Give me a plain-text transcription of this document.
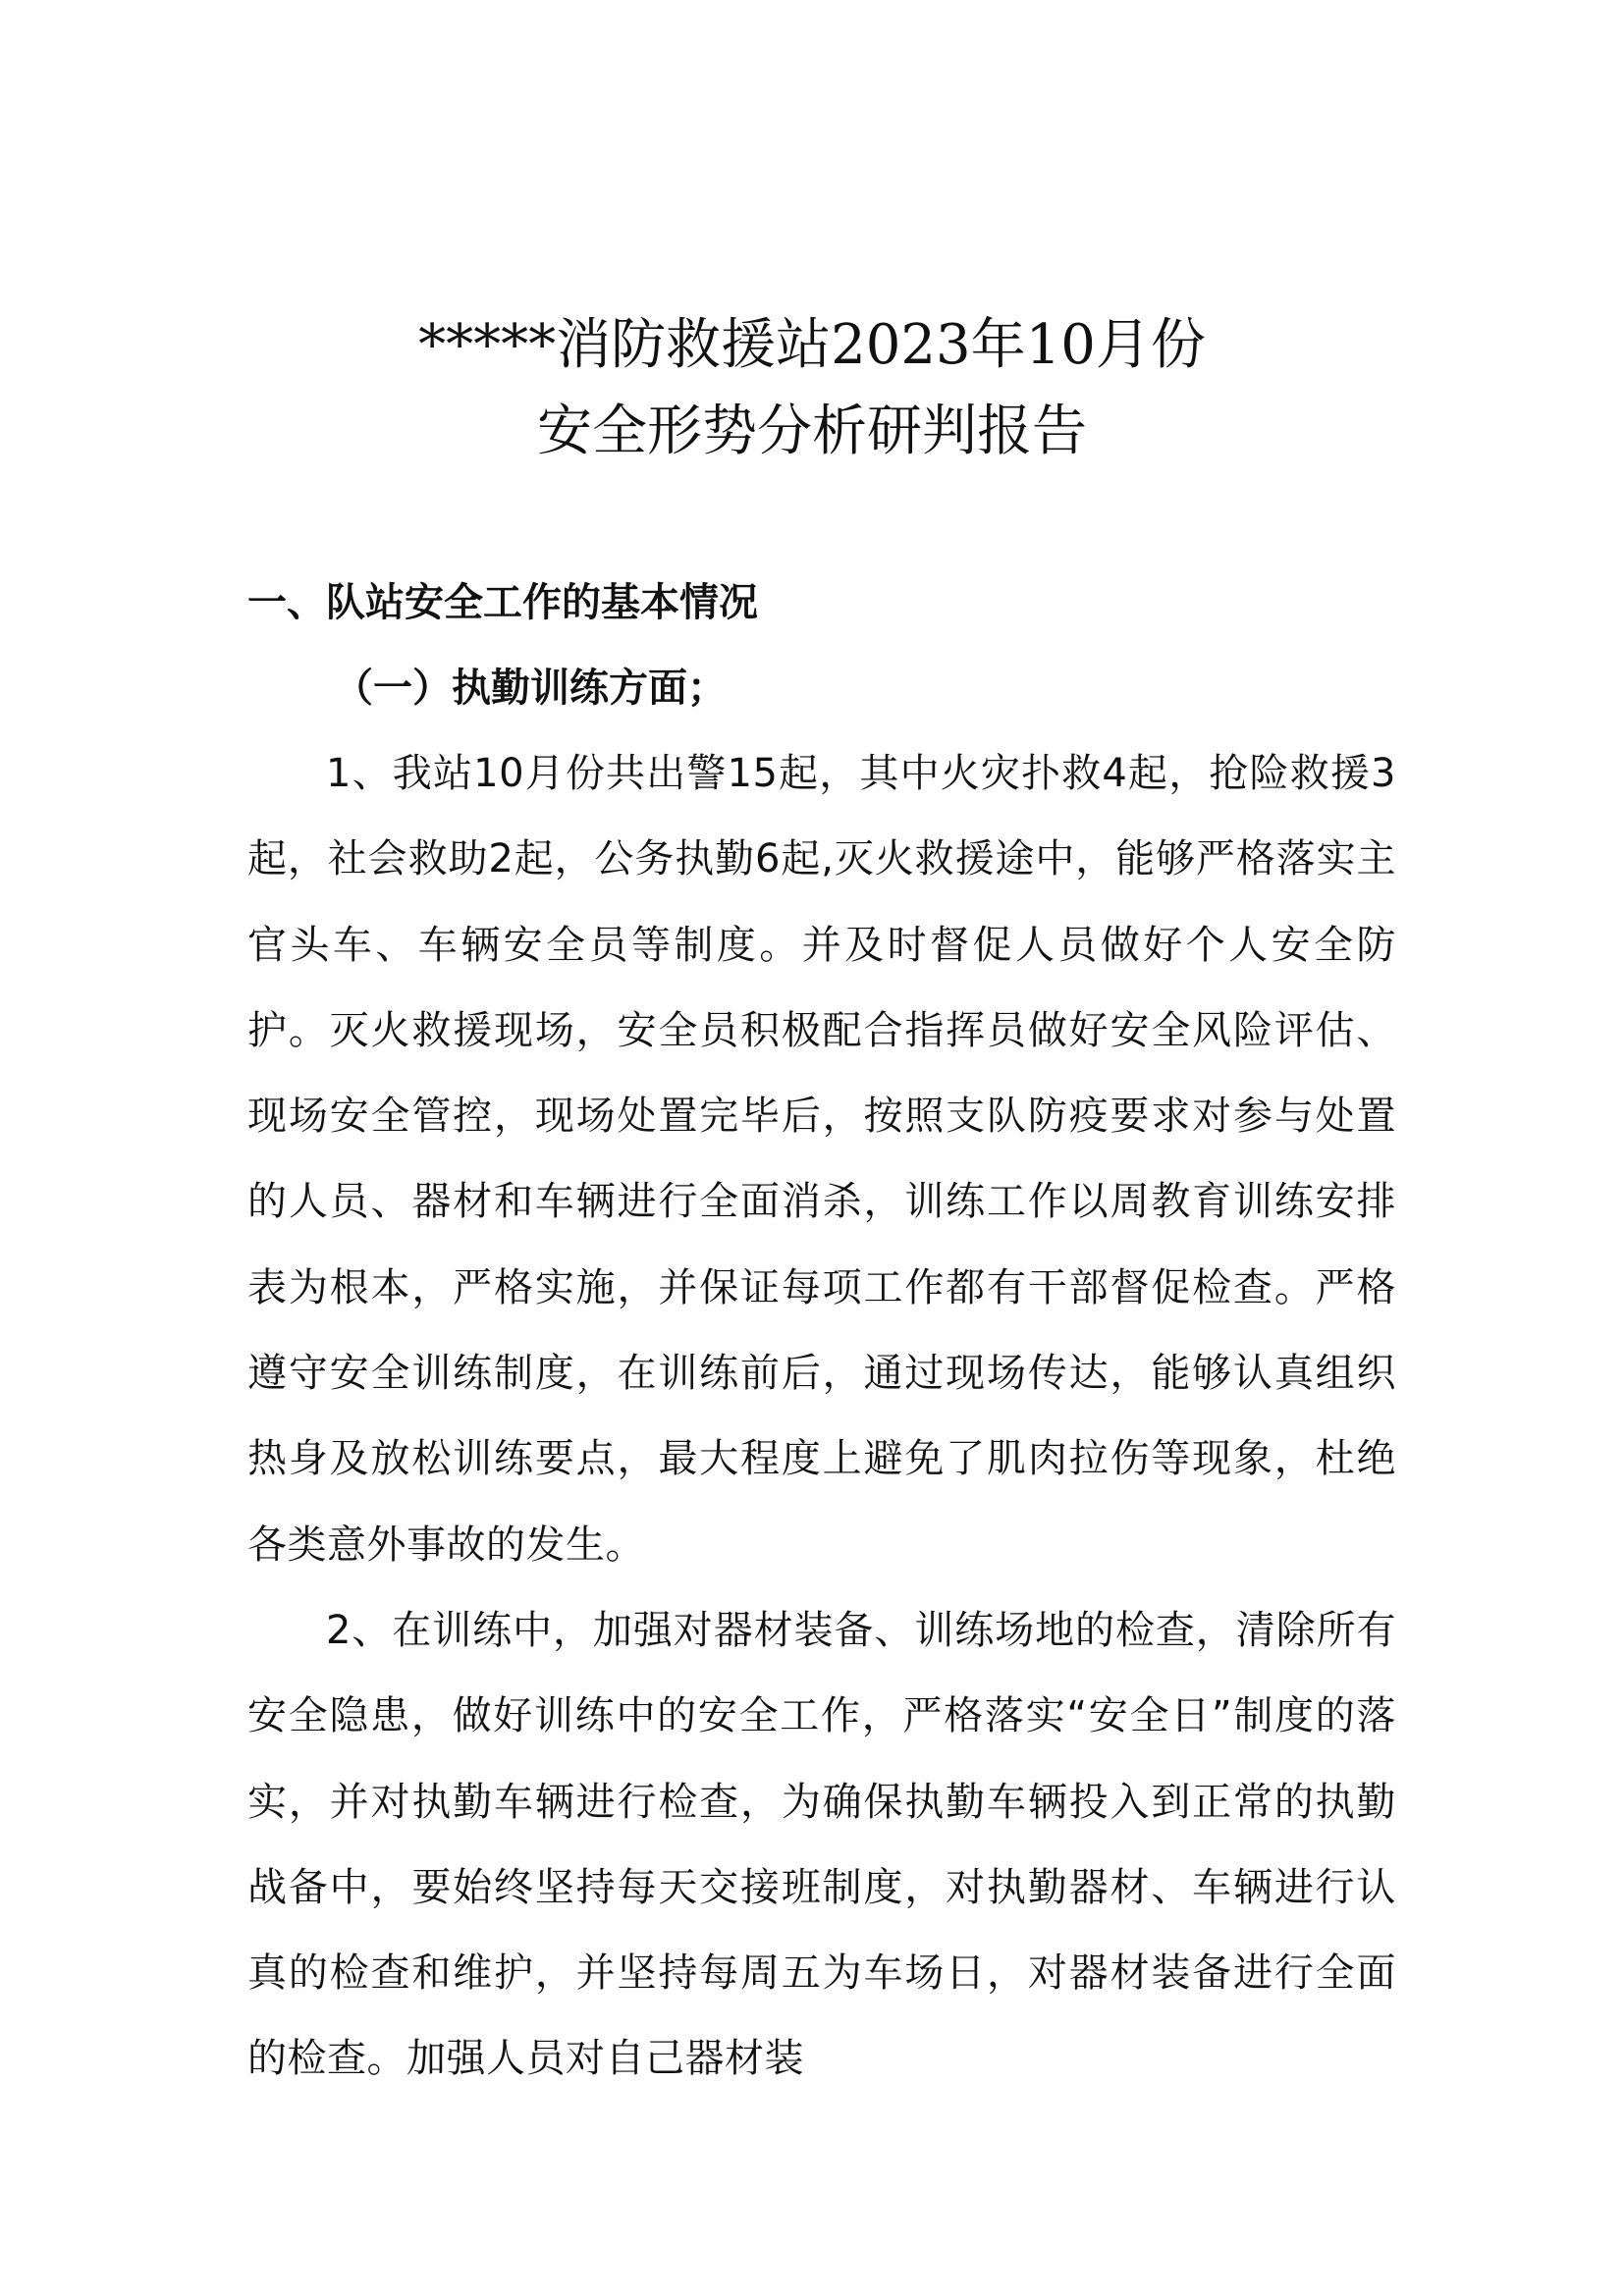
*****消防救援站2023年10月份
安全形势分析研判报告
一、队站安全工作的基本情况
（一）执勤训练方面；

1、我站10月份共出警15起，其中火灾扑救4起，抢险救援3起，社会救助2起，公务执勤6起,灭火救援途中，能够严格落实主官头车、车辆安全员等制度。并及时督促人员做好个人安全防护。灭火救援现场，安全员积极配合指挥员做好安全风险评估、现场安全管控，现场处置完毕后，按照支队防疫要求对参与处置的人员、器材和车辆进行全面消杀，训练工作以周教育训练安排表为根本，严格实施，并保证每项工作都有干部督促检查。严格遵守安全训练制度，在训练前后，通过现场传达，能够认真组织热身及放松训练要点，最大程度上避免了肌肉拉伤等现象，杜绝各类意外事故的发生。

2、在训练中，加强对器材装备、训练场地的检查，清除所有安全隐患，做好训练中的安全工作，严格落实“安全日”制度的落实，并对执勤车辆进行检查，为确保执勤车辆投入到正常的执勤战备中，要始终坚持每天交接班制度，对执勤器材、车辆进行认真的检查和维护，并坚持每周五为车场日，对器材装备进行全面的检查。加强人员对自己器材装
